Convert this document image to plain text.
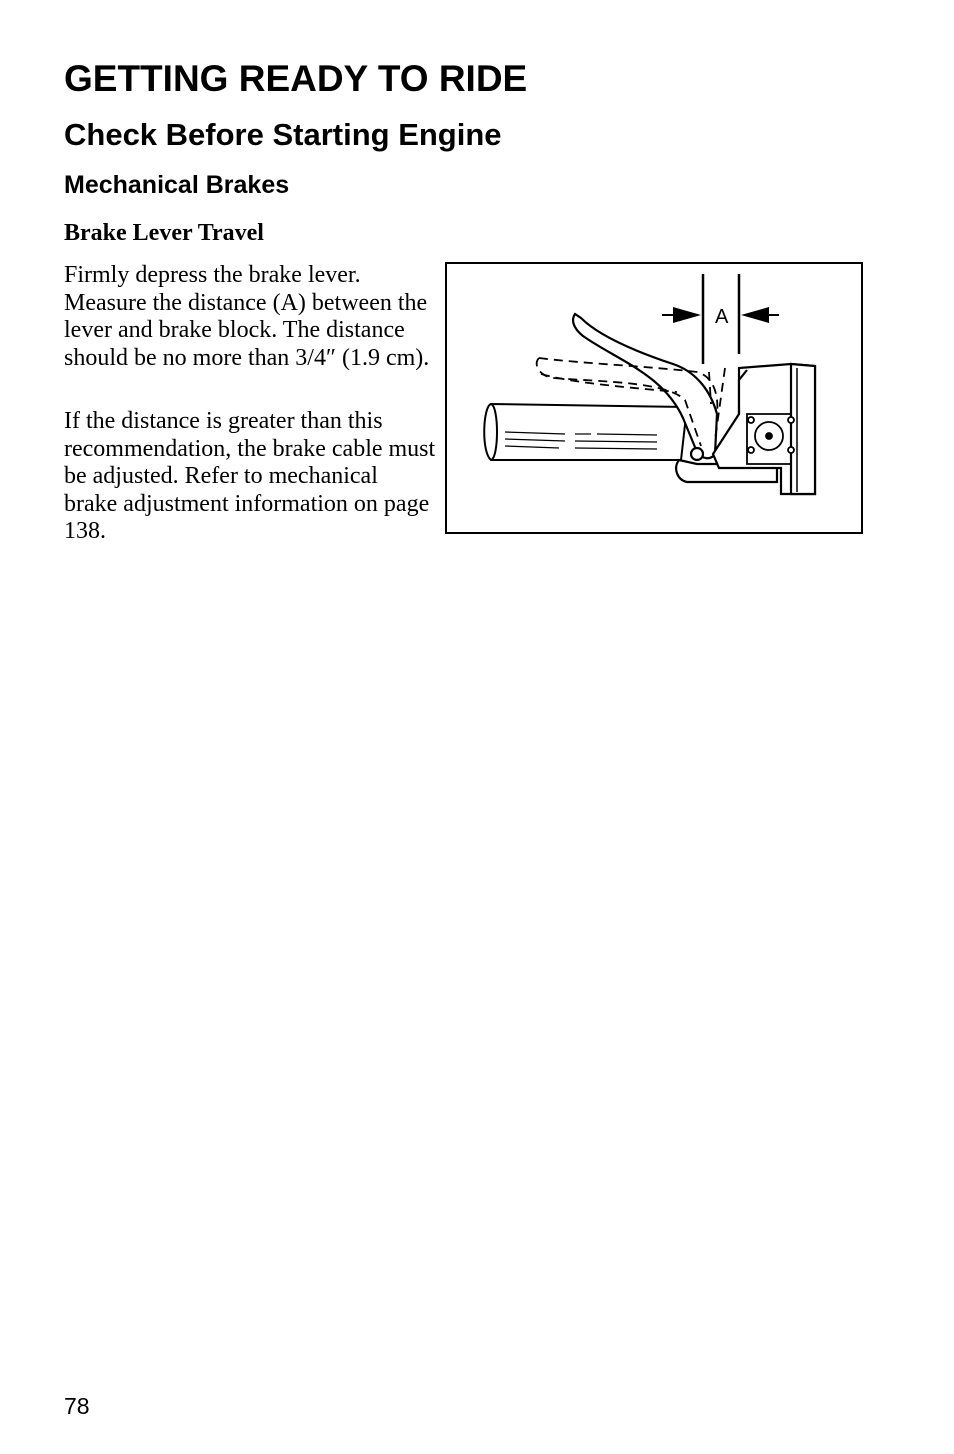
GETTING READY TO RIDE
Check Before Starting Engine
Mechanical Brakes
Brake Lever Travel

Firmly depress the brake lever. Measure the distance (A) between the lever and brake block. The distance should be no more than 3/4″ (1.9 cm).

If the distance is greater than this recommendation, the brake cable must be adjusted. Refer to mechanical brake adjustment information on page 138.

A
78
